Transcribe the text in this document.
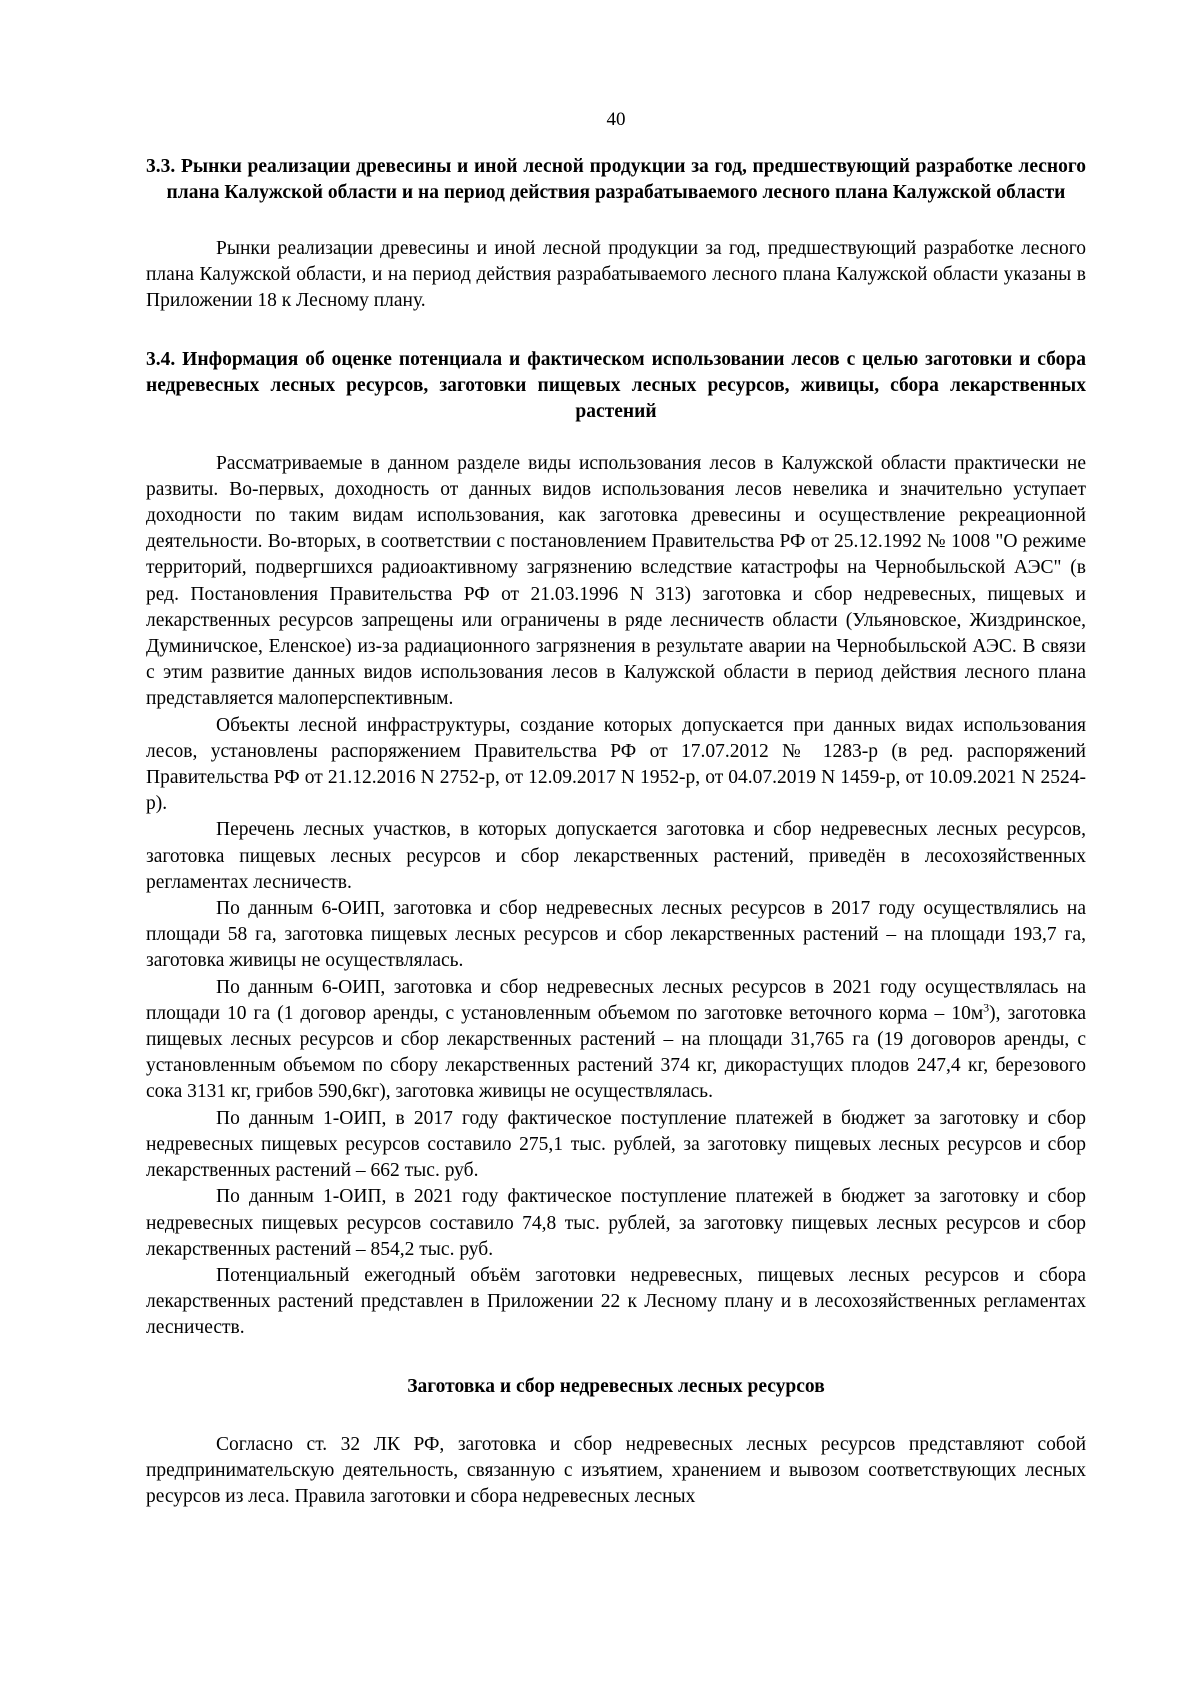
40
3.3. Рынки реализации древесины и иной лесной продукции за год, предшествующий разработке лесного плана Калужской области и на период действия разрабатываемого лесного плана Калужской области

Рынки реализации древесины и иной лесной продукции за год, предшествующий разработке лесного плана Калужской области, и на период действия разрабатываемого лесного плана Калужской области указаны в Приложении 18 к Лесному плану.

3.4. Информация об оценке потенциала и фактическом использовании лесов с целью заготовки и сбора недревесных лесных ресурсов, заготовки пищевых лесных ресурсов, живицы, сбора лекарственных растений

Рассматриваемые в данном разделе виды использования лесов в Калужской области практически не развиты. Во-первых, доходность от данных видов использования лесов невелика и значительно уступает доходности по таким видам использования, как заготовка древесины и осуществление рекреационной деятельности. Во-вторых, в соответствии с постановлением Правительства РФ от 25.12.1992 № 1008 "О режиме территорий, подвергшихся радиоактивному загрязнению вследствие катастрофы на Чернобыльской АЭС" (в ред. Постановления Правительства РФ от 21.03.1996 N 313) заготовка и сбор недревесных, пищевых и лекарственных ресурсов запрещены или ограничены в ряде лесничеств области (Ульяновское, Жиздринское, Думиничское, Еленское) из-за радиационного загрязнения в результате аварии на Чернобыльской АЭС. В связи с этим развитие данных видов использования лесов в Калужской области в период действия лесного плана представляется малоперспективным.

Объекты лесной инфраструктуры, создание которых допускается при данных видах использования лесов, установлены распоряжением Правительства РФ от 17.07.2012 № 1283-р (в ред. распоряжений Правительства РФ от 21.12.2016 N 2752-р, от 12.09.2017 N 1952-р, от 04.07.2019 N 1459-р, от 10.09.2021 N 2524-р).

Перечень лесных участков, в которых допускается заготовка и сбор недревесных лесных ресурсов, заготовка пищевых лесных ресурсов и сбор лекарственных растений, приведён в лесохозяйственных регламентах лесничеств.

По данным 6-ОИП, заготовка и сбор недревесных лесных ресурсов в 2017 году осуществлялись на площади 58 га, заготовка пищевых лесных ресурсов и сбор лекарственных растений – на площади 193,7 га, заготовка живицы не осуществлялась.

По данным 6-ОИП, заготовка и сбор недревесных лесных ресурсов в 2021 году осуществлялась на площади 10 га (1 договор аренды, с установленным объемом по заготовке веточного корма – $10м^3$), заготовка пищевых лесных ресурсов и сбор лекарственных растений – на площади 31,765 га (19 договоров аренды, с установленным объемом по сбору лекарственных растений 374 кг, дикорастущих плодов 247,4 кг, березового сока 3131 кг, грибов 590,6кг), заготовка живицы не осуществлялась.

По данным 1-ОИП, в 2017 году фактическое поступление платежей в бюджет за заготовку и сбор недревесных пищевых ресурсов составило 275,1 тыс. рублей, за заготовку пищевых лесных ресурсов и сбор лекарственных растений – 662 тыс. руб.

По данным 1-ОИП, в 2021 году фактическое поступление платежей в бюджет за заготовку и сбор недревесных пищевых ресурсов составило 74,8 тыс. рублей, за заготовку пищевых лесных ресурсов и сбор лекарственных растений – 854,2 тыс. руб.

Потенциальный ежегодный объём заготовки недревесных, пищевых лесных ресурсов и сбора лекарственных растений представлен в Приложении 22 к Лесному плану и в лесохозяйственных регламентах лесничеств.

Заготовка и сбор недревесных лесных ресурсов

Согласно ст. 32 ЛК РФ, заготовка и сбор недревесных лесных ресурсов представляют собой предпринимательскую деятельность, связанную с изъятием, хранением и вывозом соответствующих лесных ресурсов из леса. Правила заготовки и сбора недревесных лесных
